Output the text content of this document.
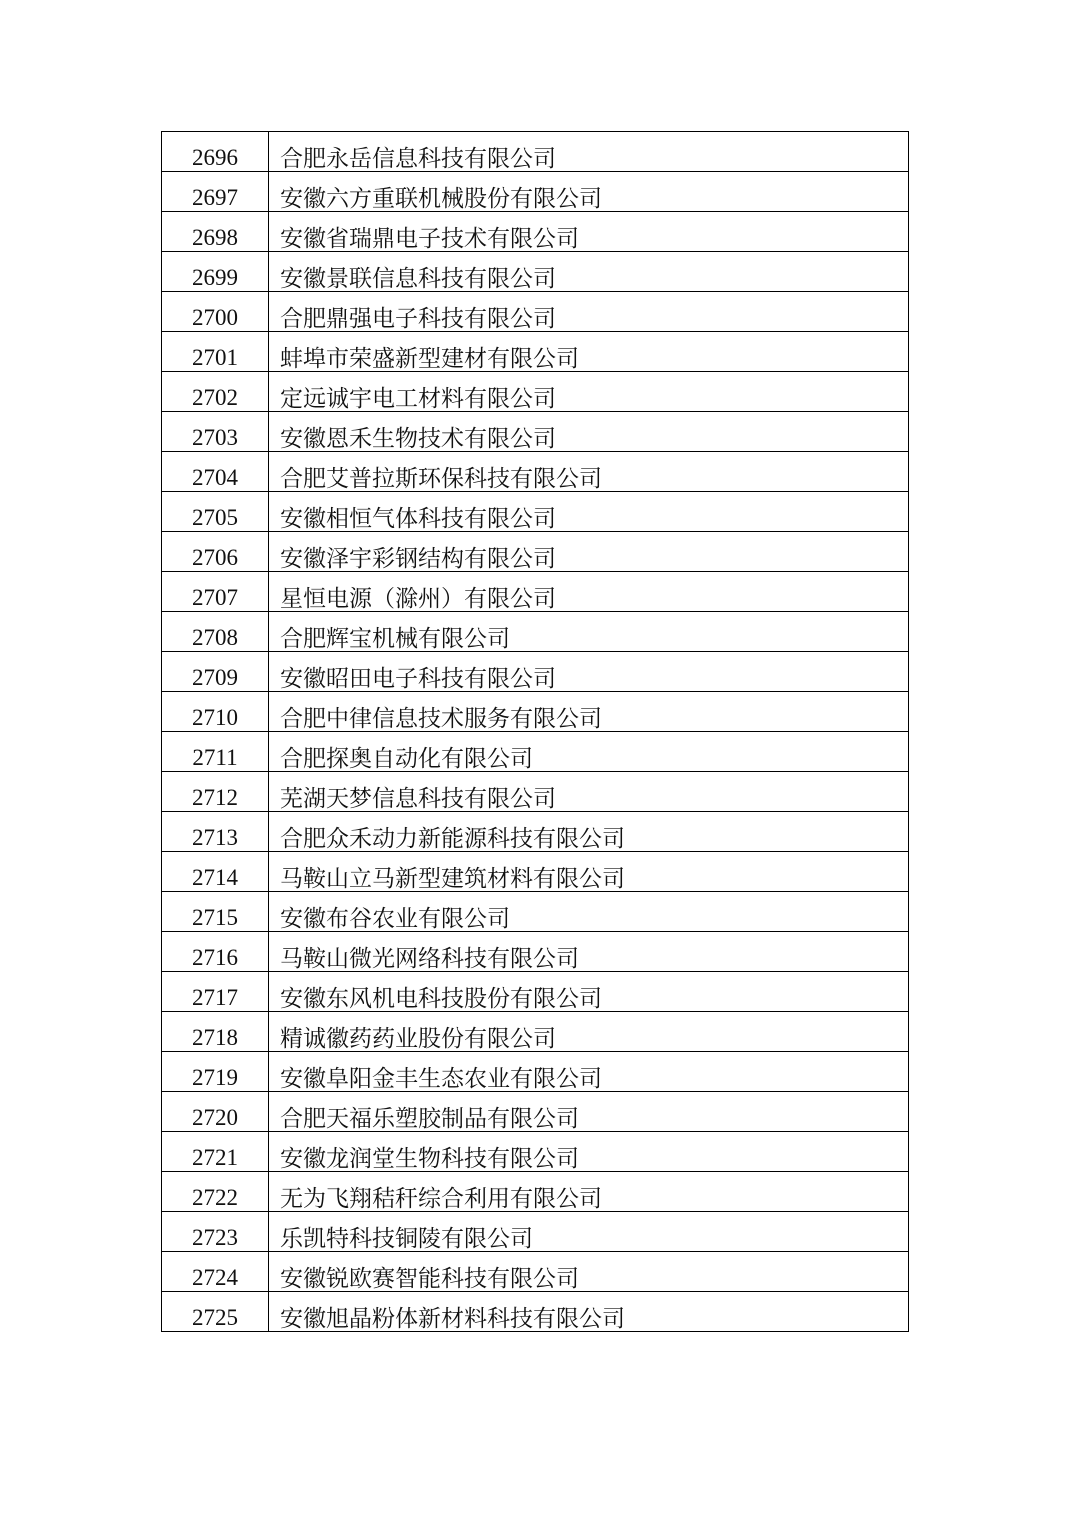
2696	合肥永岳信息科技有限公司
2697	安徽六方重联机械股份有限公司
2698	安徽省瑞鼎电子技术有限公司
2699	安徽景联信息科技有限公司
2700	合肥鼎强电子科技有限公司
2701	蚌埠市荣盛新型建材有限公司
2702	定远诚宇电工材料有限公司
2703	安徽恩禾生物技术有限公司
2704	合肥艾普拉斯环保科技有限公司
2705	安徽相恒气体科技有限公司
2706	安徽泽宇彩钢结构有限公司
2707	星恒电源（滁州）有限公司
2708	合肥辉宝机械有限公司
2709	安徽昭田电子科技有限公司
2710	合肥中律信息技术服务有限公司
2711	合肥探奥自动化有限公司
2712	芜湖天梦信息科技有限公司
2713	合肥众禾动力新能源科技有限公司
2714	马鞍山立马新型建筑材料有限公司
2715	安徽布谷农业有限公司
2716	马鞍山微光网络科技有限公司
2717	安徽东风机电科技股份有限公司
2718	精诚徽药药业股份有限公司
2719	安徽阜阳金丰生态农业有限公司
2720	合肥天福乐塑胶制品有限公司
2721	安徽龙润堂生物科技有限公司
2722	无为飞翔秸秆综合利用有限公司
2723	乐凯特科技铜陵有限公司
2724	安徽锐欧赛智能科技有限公司
2725	安徽旭晶粉体新材料科技有限公司
